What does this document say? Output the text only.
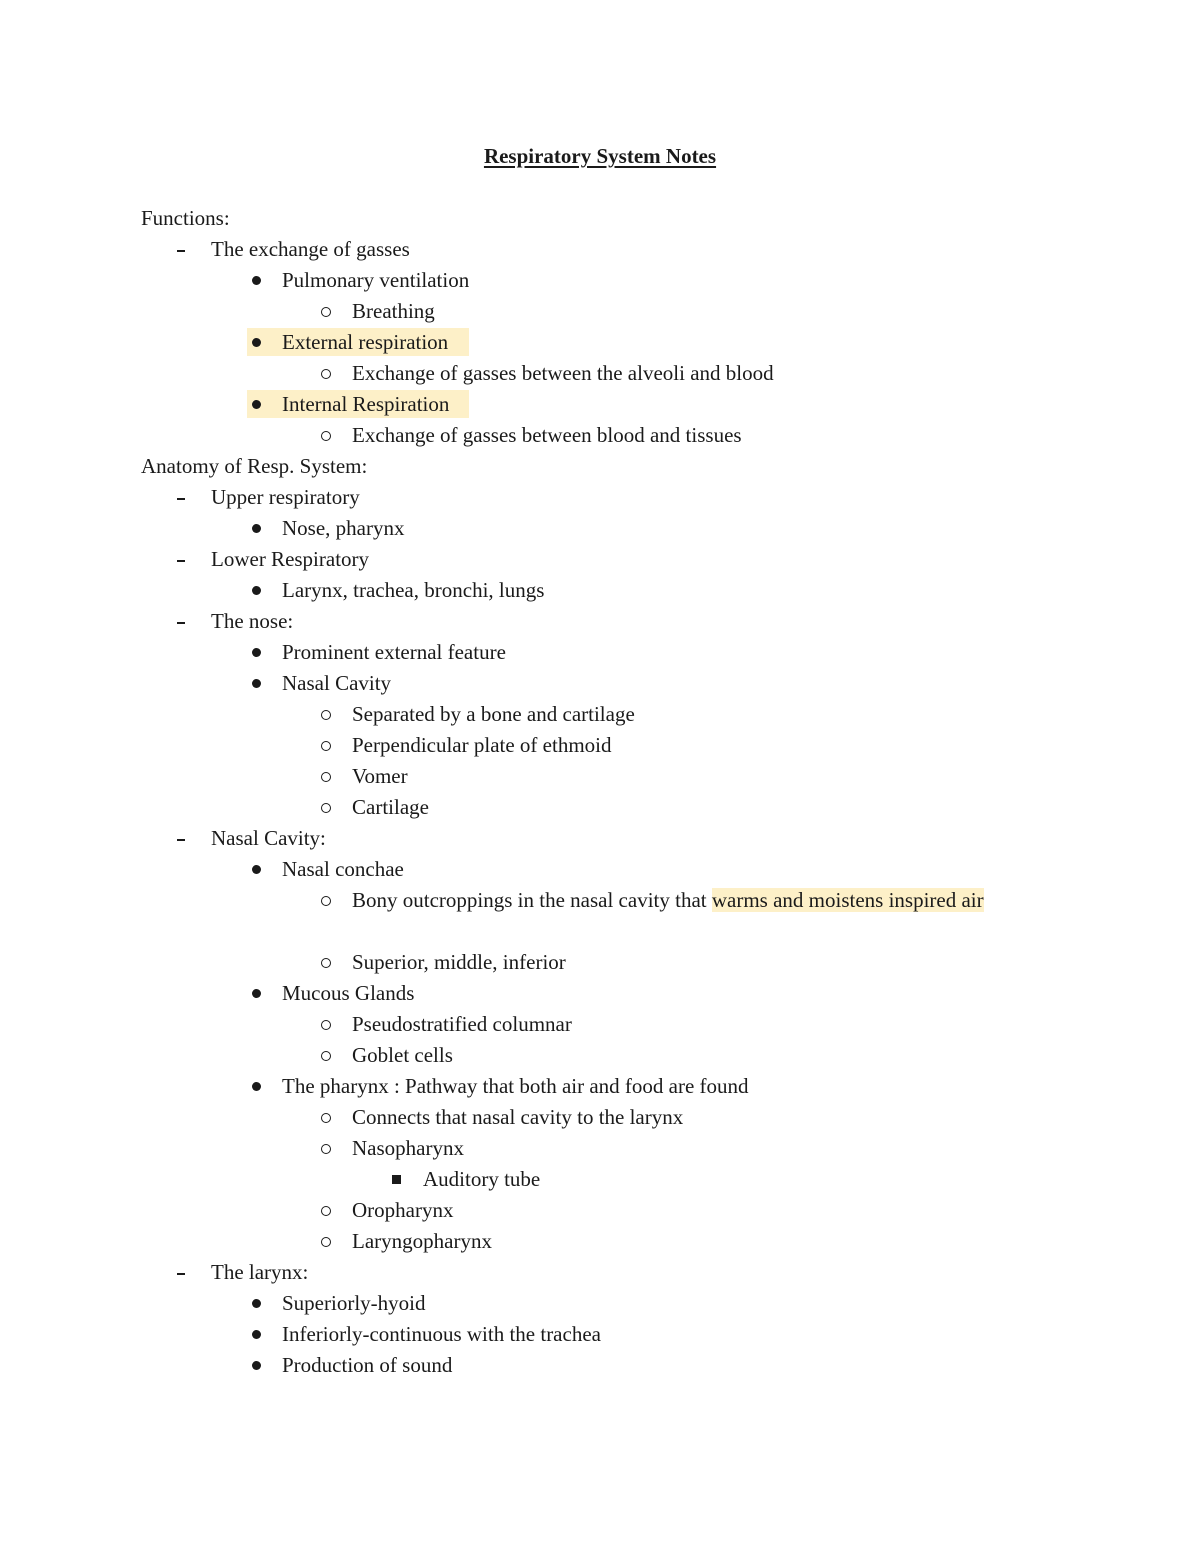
Respiratory System Notes
Functions:
The exchange of gasses
Pulmonary ventilation
Breathing
External respiration
Exchange of gasses between the alveoli and blood
Internal Respiration
Exchange of gasses between blood and tissues
Anatomy of Resp. System:
Upper respiratory
Nose, pharynx
Lower Respiratory
Larynx, trachea, bronchi, lungs
The nose:
Prominent external feature
Nasal Cavity
Separated by a bone and cartilage
Perpendicular plate of ethmoid
Vomer
Cartilage
Nasal Cavity:
Nasal conchae
Bony outcroppings in the nasal cavity that warms and moistens inspired air
Superior, middle, inferior
Mucous Glands
Pseudostratified columnar
Goblet cells
The pharynx : Pathway that both air and food are found
Connects that nasal cavity to the larynx
Nasopharynx
Auditory tube
Oropharynx
Laryngopharynx
The larynx:
Superiorly-hyoid
Inferiorly-continuous with the trachea
Production of sound
